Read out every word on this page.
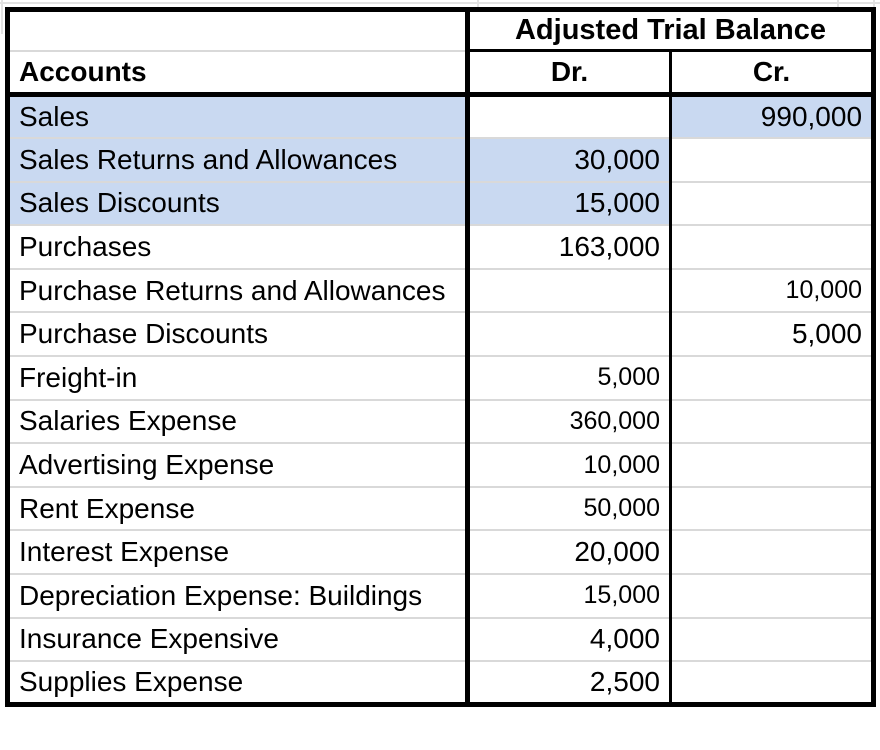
	Adjusted Trial Balance	
Accounts	Dr.	Cr.
Sales		990,000
Sales Returns and Allowances	30,000	
Sales Discounts	15,000	
Purchases	163,000	
Purchase Returns and Allowances		10,000
Purchase Discounts		5,000
Freight-in	5,000	
Salaries Expense	360,000	
Advertising Expense	10,000	
Rent Expense	50,000	
Interest Expense	20,000	
Depreciation Expense: Buildings	15,000	
Insurance Expensive	4,000	
Supplies Expense	2,500	
